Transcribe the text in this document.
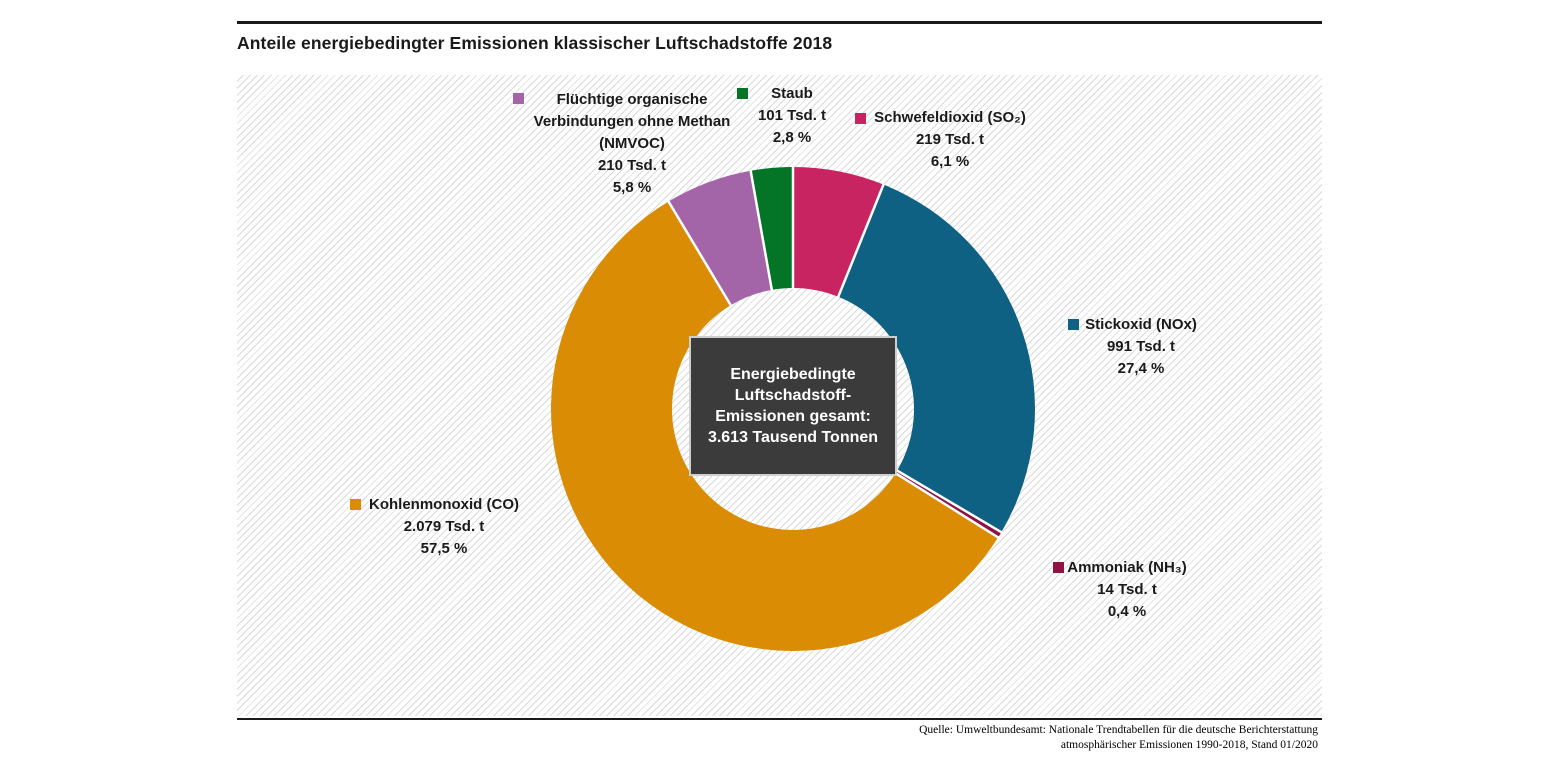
Anteile energiebedingter Emissionen klassischer Luftschadstoffe 2018
Flüchtige organische
Verbindungen ohne Methan
(NMVOC)
210 Tsd. t
5,8 %
Staub
101 Tsd. t
2,8 %
Schwefeldioxid (SO₂)
219 Tsd. t
6,1 %
Stickoxid (NOx)
991 Tsd. t
27,4 %
Ammoniak (NH₃)
14 Tsd. t
0,4 %
Kohlenmonoxid (CO)
2.079 Tsd. t
57,5 %
Energiebedingte
Luftschadstoff-
Emissionen gesamt:
3.613 Tausend Tonnen
Quelle: Umweltbundesamt: Nationale Trendtabellen für die deutsche Berichterstattung
atmosphärischer Emissionen 1990-2018, Stand 01/2020
